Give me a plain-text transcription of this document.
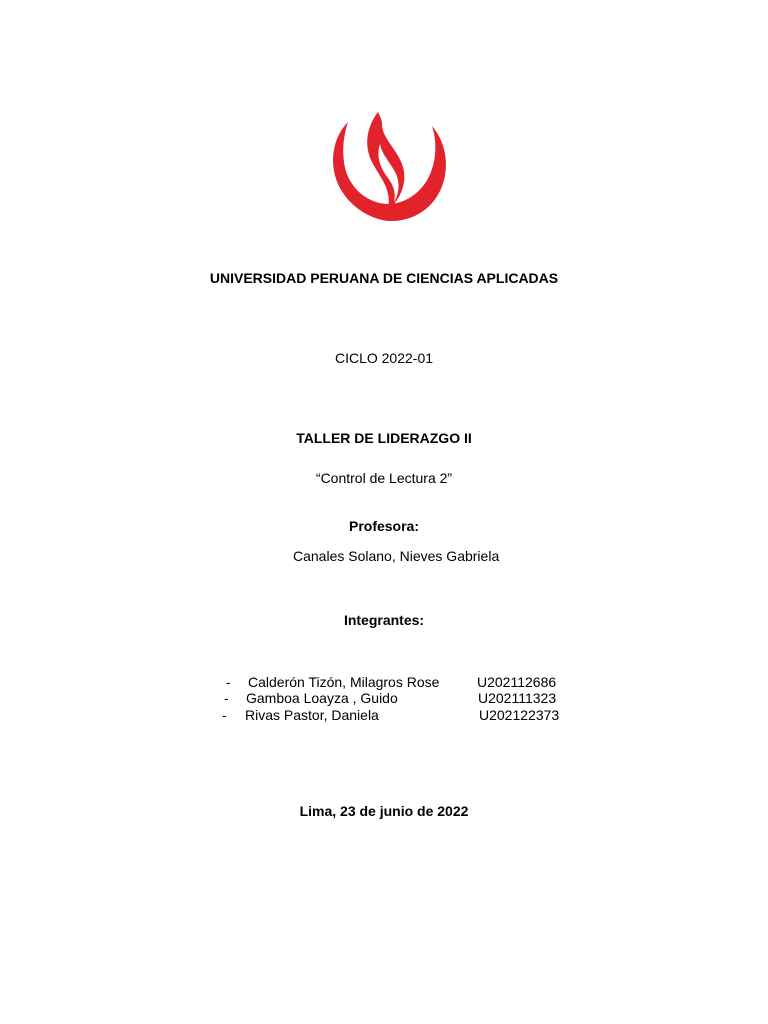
UNIVERSIDAD PERUANA DE CIENCIAS APLICADAS
CICLO 2022-01
TALLER DE LIDERAZGO II
“Control de Lectura 2”
Profesora:
Canales Solano, Nieves Gabriela
Integrantes:
- Calderón Tizón, Milagros Rose	U202112686
- Gamboa Loayza , Guido	U202111323
- Rivas Pastor, Daniela	U202122373
Lima, 23 de junio de 2022
